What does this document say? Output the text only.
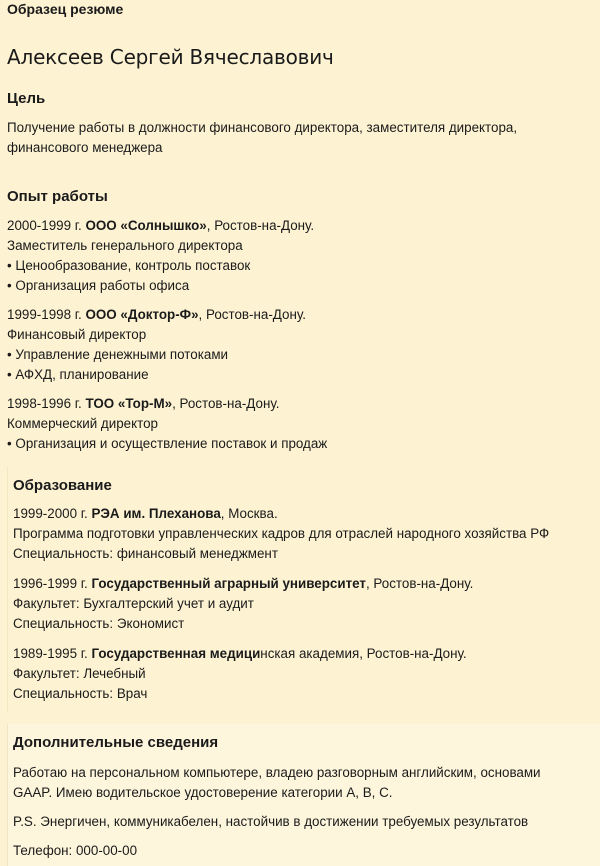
Образец резюме
Алексеев Сергей Вячеславович
Цель
Получение работы в должности финансового директора, заместителя директора,
финансового менеджера
Опыт работы
2000-1999 г. ООО «Солнышко», Ростов-на-Дону.
Заместитель генерального директора
• Ценообразование, контроль поставок
• Организация работы офиса
1999-1998 г. ООО «Доктор-Ф», Ростов-на-Дону.
Финансовый директор
• Управление денежными потоками
• АФХД, планирование
1998-1996 г. ТОО «Тор-М», Ростов-на-Дону.
Коммерческий директор
• Организация и осуществление поставок и продаж
Образование
1999-2000 г. РЭА им. Плеханова, Москва.
Программа подготовки управленческих кадров для отраслей народного хозяйства РФ
Специальность: финансовый менеджмент
1996-1999 г. Государственный аграрный университет, Ростов-на-Дону.
Факультет: Бухгалтерский учет и аудит
Специальность: Экономист
1989-1995 г. Государственная медицинская академия, Ростов-на-Дону.
Факультет: Лечебный
Специальность: Врач
Дополнительные сведения
Работаю на персональном компьютере, владею разговорным английским, основами
GAAP. Имею водительское удостоверение категории А, В, С.
P.S. Энергичен, коммуникабелен, настойчив в достижении требуемых результатов
Телефон: 000-00-00
